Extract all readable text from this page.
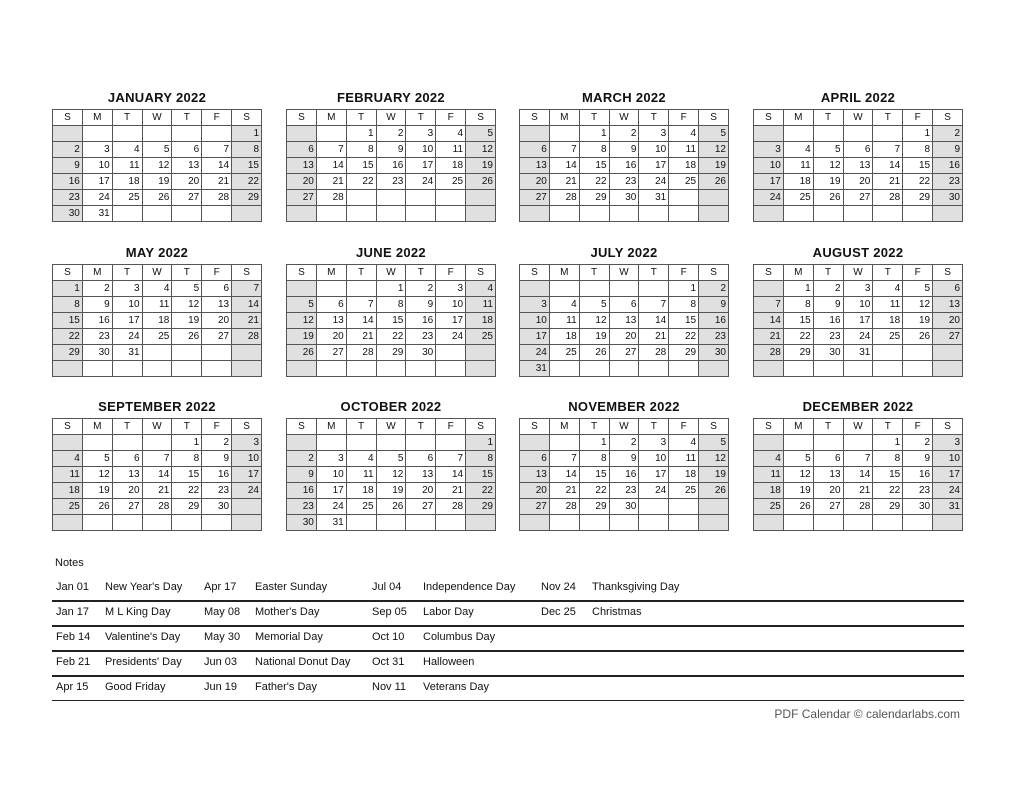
JANUARY 2022
S	M	T	W	T	F	S
						1
2	3	4	5	6	7	8
9	10	11	12	13	14	15
16	17	18	19	20	21	22
23	24	25	26	27	28	29
30	31					
FEBRUARY 2022
S	M	T	W	T	F	S
		1	2	3	4	5
6	7	8	9	10	11	12
13	14	15	16	17	18	19
20	21	22	23	24	25	26
27	28					

MARCH 2022
S	M	T	W	T	F	S
		1	2	3	4	5
6	7	8	9	10	11	12
13	14	15	16	17	18	19
20	21	22	23	24	25	26
27	28	29	30	31		

APRIL 2022
S	M	T	W	T	F	S
					1	2
3	4	5	6	7	8	9
10	11	12	13	14	15	16
17	18	19	20	21	22	23
24	25	26	27	28	29	30

MAY 2022
S	M	T	W	T	F	S
1	2	3	4	5	6	7
8	9	10	11	12	13	14
15	16	17	18	19	20	21
22	23	24	25	26	27	28
29	30	31				

JUNE 2022
S	M	T	W	T	F	S
			1	2	3	4
5	6	7	8	9	10	11
12	13	14	15	16	17	18
19	20	21	22	23	24	25
26	27	28	29	30		

JULY 2022
S	M	T	W	T	F	S
					1	2
3	4	5	6	7	8	9
10	11	12	13	14	15	16
17	18	19	20	21	22	23
24	25	26	27	28	29	30
31						
AUGUST 2022
S	M	T	W	T	F	S
	1	2	3	4	5	6
7	8	9	10	11	12	13
14	15	16	17	18	19	20
21	22	23	24	25	26	27
28	29	30	31			

SEPTEMBER 2022
S	M	T	W	T	F	S
				1	2	3
4	5	6	7	8	9	10
11	12	13	14	15	16	17
18	19	20	21	22	23	24
25	26	27	28	29	30	

OCTOBER 2022
S	M	T	W	T	F	S
						1
2	3	4	5	6	7	8
9	10	11	12	13	14	15
16	17	18	19	20	21	22
23	24	25	26	27	28	29
30	31					
NOVEMBER 2022
S	M	T	W	T	F	S
		1	2	3	4	5
6	7	8	9	10	11	12
13	14	15	16	17	18	19
20	21	22	23	24	25	26
27	28	29	30			

DECEMBER 2022
S	M	T	W	T	F	S
				1	2	3
4	5	6	7	8	9	10
11	12	13	14	15	16	17
18	19	20	21	22	23	24
25	26	27	28	29	30	31

Notes
Jan 01 New Year's Day Apr 17 Easter Sunday	Jul 04 Independence Day Nov 24 Thanksgiving Day
Jan 17 M L King Day	May 08 Mother's Day	Sep 05 Labor Day	Dec 25 Christmas
Feb 14 Valentine's Day May 30 Memorial Day	Oct 10 Columbus Day
Feb 21 Presidents' Day Jun 03 National Donut Day Oct 31 Halloween
Apr 15 Good Friday	Jun 19 Father's Day	Nov 11 Veterans Day
PDF Calendar © calendarlabs.com
